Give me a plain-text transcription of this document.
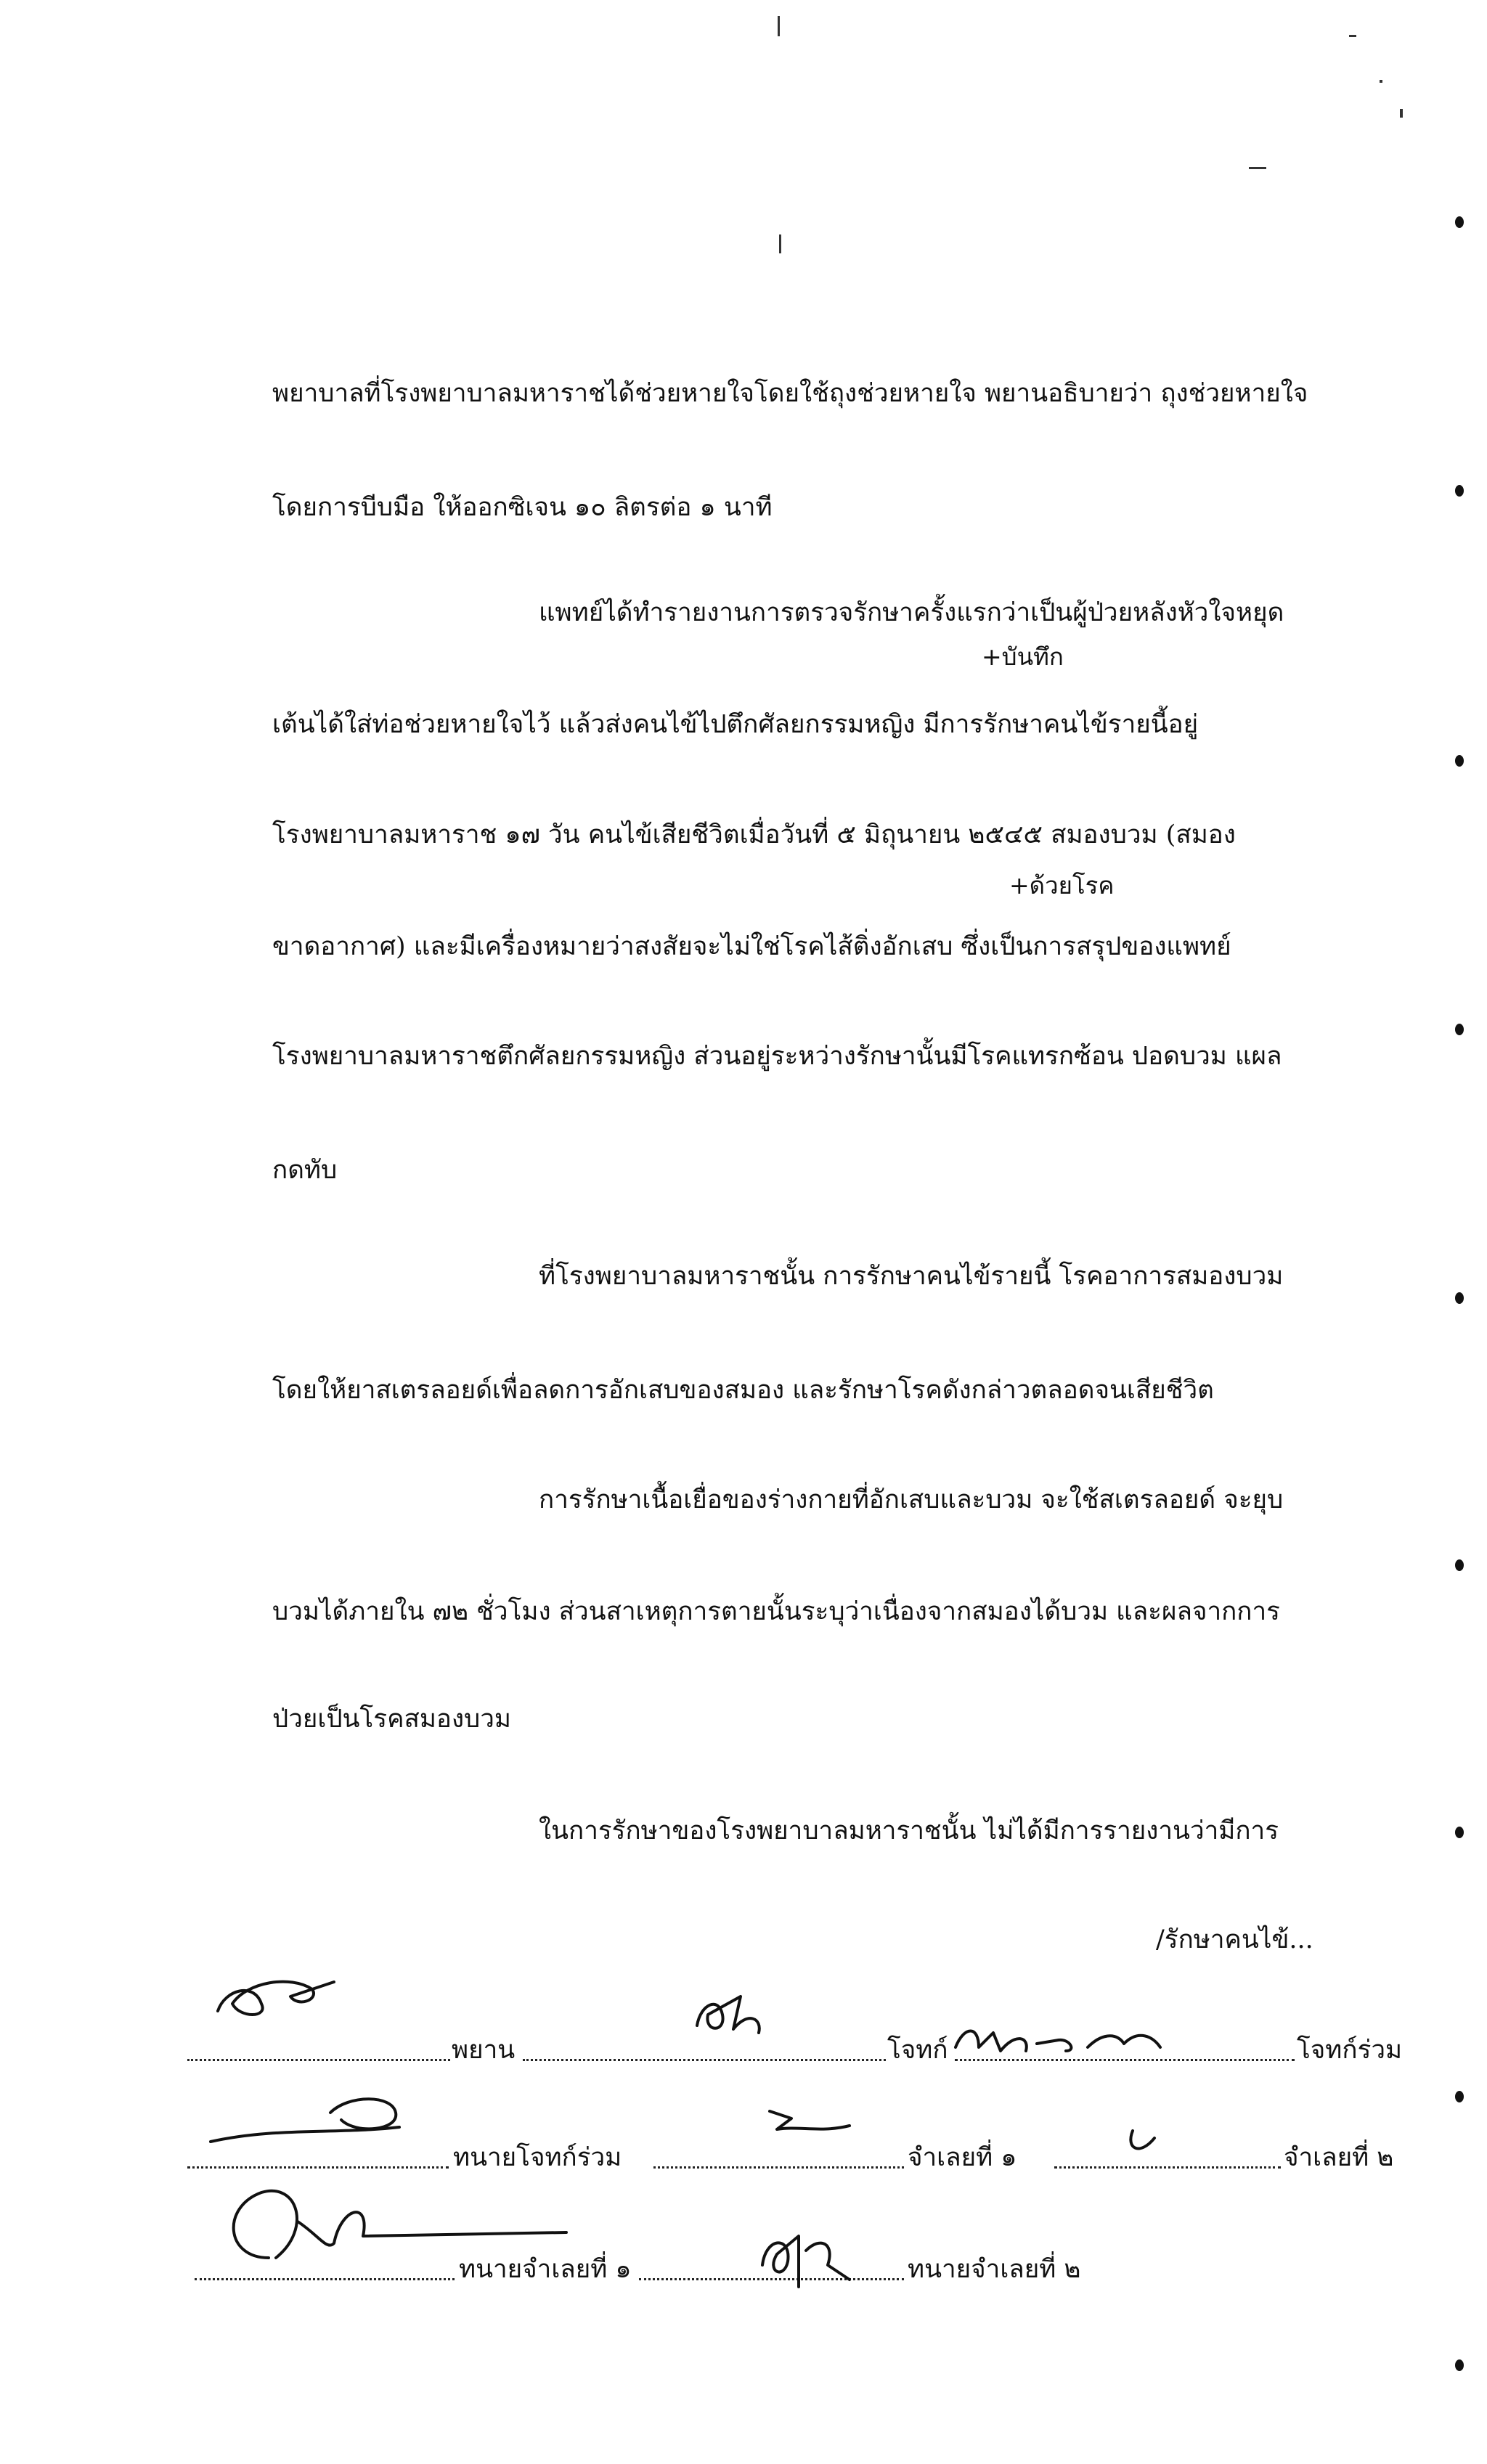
พยาบาลที่โรงพยาบาลมหาราชได้ช่วยหายใจโดยใช้ถุงช่วยหายใจ พยานอธิบายว่า ถุงช่วยหายใจ
โดยการบีบมือ ให้ออกซิเจน ๑๐ ลิตรต่อ ๑ นาที
แพทย์ได้ทำรายงานการตรวจรักษาครั้งแรกว่าเป็นผู้ป่วยหลังหัวใจหยุด
+บันทึก
เต้นได้ใส่ท่อช่วยหายใจไว้ แล้วส่งคนไข้ไปตึกศัลยกรรมหญิง มีการรักษาคนไข้รายนี้อยู่
โรงพยาบาลมหาราช ๑๗ วัน คนไข้เสียชีวิตเมื่อวันที่ ๕ มิถุนายน ๒๕๔๕ สมองบวม (สมอง
+ด้วยโรค
ขาดอากาศ) และมีเครื่องหมายว่าสงสัยจะไม่ใช่โรคไส้ติ่งอักเสบ ซึ่งเป็นการสรุปของแพทย์
โรงพยาบาลมหาราชตึกศัลยกรรมหญิง ส่วนอยู่ระหว่างรักษานั้นมีโรคแทรกซ้อน ปอดบวม แผล
กดทับ
ที่โรงพยาบาลมหาราชนั้น การรักษาคนไข้รายนี้ โรคอาการสมองบวม
โดยให้ยาสเตรลอยด์เพื่อลดการอักเสบของสมอง และรักษาโรคดังกล่าวตลอดจนเสียชีวิต
การรักษาเนื้อเยื่อของร่างกายที่อักเสบและบวม จะใช้สเตรลอยด์ จะยุบ
บวมได้ภายใน ๗๒ ชั่วโมง ส่วนสาเหตุการตายนั้นระบุว่าเนื่องจากสมองได้บวม และผลจากการ
ป่วยเป็นโรคสมองบวม
ในการรักษาของโรงพยาบาลมหาราชนั้น ไม่ได้มีการรายงานว่ามีการ
/รักษาคนไข้...
พยาน	โจทก์	โจทก์ร่วม
ทนายโจทก์ร่วม	จำเลยที่ ๑	จำเลยที่ ๒
ทนายจำเลยที่ ๑	ทนายจำเลยที่ ๒
